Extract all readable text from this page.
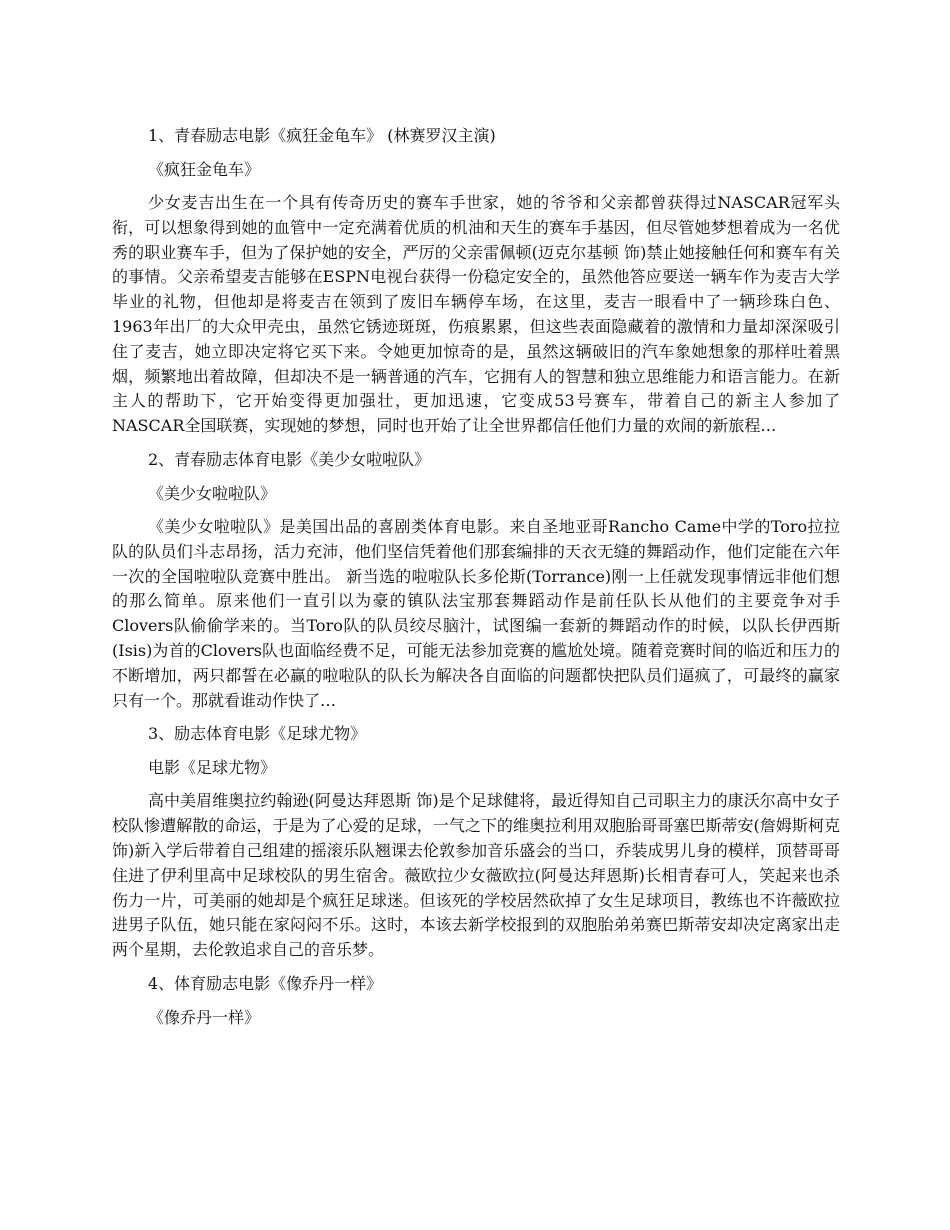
1、青春励志电影《疯狂金龟车》 (林赛罗汉主演)

《疯狂金龟车》

少女麦吉出生在一个具有传奇历史的赛车手世家，她的爷爷和父亲都曾获得过NASCAR冠军头衔，可以想象得到她的血管中一定充满着优质的机油和天生的赛车手基因，但尽管她梦想着成为一名优秀的职业赛车手，但为了保护她的安全，严厉的父亲雷佩顿(迈克尔基顿 饰)禁止她接触任何和赛车有关的事情。父亲希望麦吉能够在ESPN电视台获得一份稳定安全的，虽然他答应要送一辆车作为麦吉大学毕业的礼物，但他却是将麦吉在领到了废旧车辆停车场，在这里，麦吉一眼看中了一辆珍珠白色、1963年出厂的大众甲壳虫，虽然它锈迹斑斑，伤痕累累，但这些表面隐藏着的激情和力量却深深吸引住了麦吉，她立即决定将它买下来。令她更加惊奇的是，虽然这辆破旧的汽车象她想象的那样吐着黑烟，频繁地出着故障，但却决不是一辆普通的汽车，它拥有人的智慧和独立思维能力和语言能力。在新主人的帮助下，它开始变得更加强壮，更加迅速，它变成53号赛车，带着自己的新主人参加了NASCAR全国联赛，实现她的梦想，同时也开始了让全世界都信任他们力量的欢闹的新旅程…

2、青春励志体育电影《美少女啦啦队》

《美少女啦啦队》

《美少女啦啦队》是美国出品的喜剧类体育电影。来自圣地亚哥Rancho Came中学的Toro拉拉队的队员们斗志昂扬，活力充沛，他们坚信凭着他们那套编排的天衣无缝的舞蹈动作，他们定能在六年一次的全国啦啦队竞赛中胜出。 新当选的啦啦队长多伦斯(Torrance)刚一上任就发现事情远非他们想的那么简单。原来他们一直引以为豪的镇队法宝那套舞蹈动作是前任队长从他们的主要竞争对手Clovers队偷偷学来的。当Toro队的队员绞尽脑汁，试图编一套新的舞蹈动作的时候，以队长伊西斯(Isis)为首的Clovers队也面临经费不足，可能无法参加竞赛的尴尬处境。随着竞赛时间的临近和压力的不断增加，两只都誓在必赢的啦啦队的队长为解决各自面临的问题都快把队员们逼疯了，可最终的赢家只有一个。那就看谁动作快了…

3、励志体育电影《足球尤物》

电影《足球尤物》

高中美眉维奥拉约翰逊(阿曼达拜恩斯 饰)是个足球健将，最近得知自己司职主力的康沃尔高中女子校队惨遭解散的命运，于是为了心爱的足球，一气之下的维奥拉利用双胞胎哥哥塞巴斯蒂安(詹姆斯柯克 饰)新入学后带着自己组建的摇滚乐队翘课去伦敦参加音乐盛会的当口，乔装成男儿身的模样，顶替哥哥住进了伊利里高中足球校队的男生宿舍。薇欧拉少女薇欧拉(阿曼达拜恩斯)长相青春可人，笑起来也杀伤力一片，可美丽的她却是个疯狂足球迷。但该死的学校居然砍掉了女生足球项目，教练也不许薇欧拉进男子队伍，她只能在家闷闷不乐。这时，本该去新学校报到的双胞胎弟弟赛巴斯蒂安却决定离家出走两个星期，去伦敦追求自己的音乐梦。

4、体育励志电影《像乔丹一样》

《像乔丹一样》
